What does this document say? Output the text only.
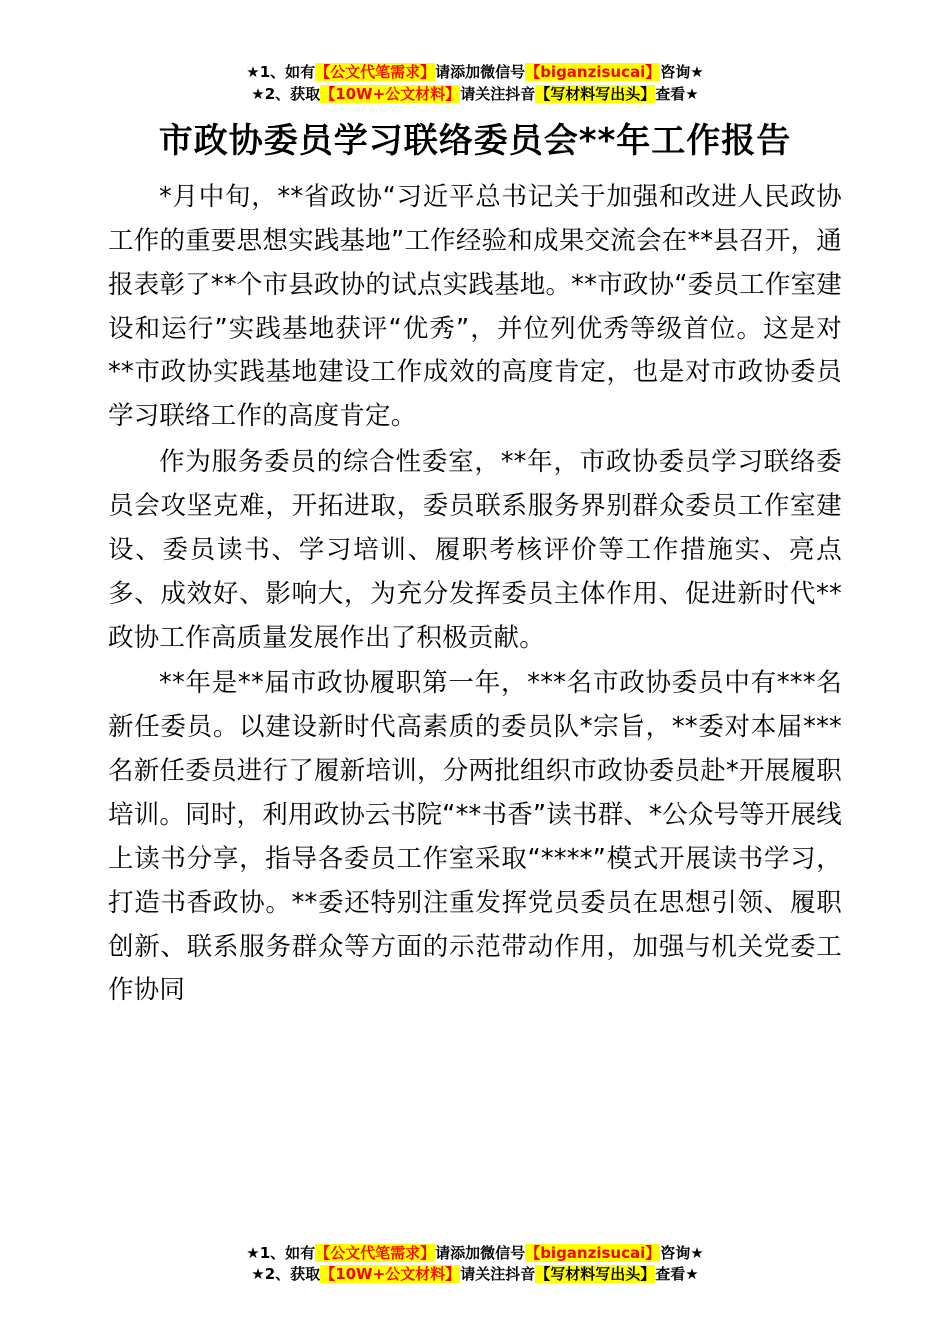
★1、如有【公文代笔需求】请添加微信号【biganzisucai】咨询★
★2、获取【10W+公文材料】请关注抖音【写材料写出头】查看★
市政协委员学习联络委员会**年工作报告

*月中旬，**省政协“习近平总书记关于加强和改进人民政协工作的重要思想实践基地”工作经验和成果交流会在**县召开，通报表彰了**个市县政协的试点实践基地。**市政协“委员工作室建设和运行”实践基地获评“优秀”，并位列优秀等级首位。这是对**市政协实践基地建设工作成效的高度肯定，也是对市政协委员学习联络工作的高度肯定。

作为服务委员的综合性委室，**年，市政协委员学习联络委员会攻坚克难，开拓进取，委员联系服务界别群众委员工作室建设、委员读书、学习培训、履职考核评价等工作措施实、亮点多、成效好、影响大，为充分发挥委员主体作用、促进新时代**政协工作高质量发展作出了积极贡献。

**年是**届市政协履职第一年，***名市政协委员中有***名新任委员。以建设新时代高素质的委员队*宗旨，**委对本届***名新任委员进行了履新培训，分两批组织市政协委员赴*开展履职培训。同时，利用政协云书院“**书香”读书群、*公众号等开展线上读书分享，指导各委员工作室采取“****”模式开展读书学习，打造书香政协。**委还特别注重发挥党员委员在思想引领、履职创新、联系服务群众等方面的示范带动作用，加强与机关党委工作协同

★1、如有【公文代笔需求】请添加微信号【biganzisucai】咨询★
★2、获取【10W+公文材料】请关注抖音【写材料写出头】查看★
